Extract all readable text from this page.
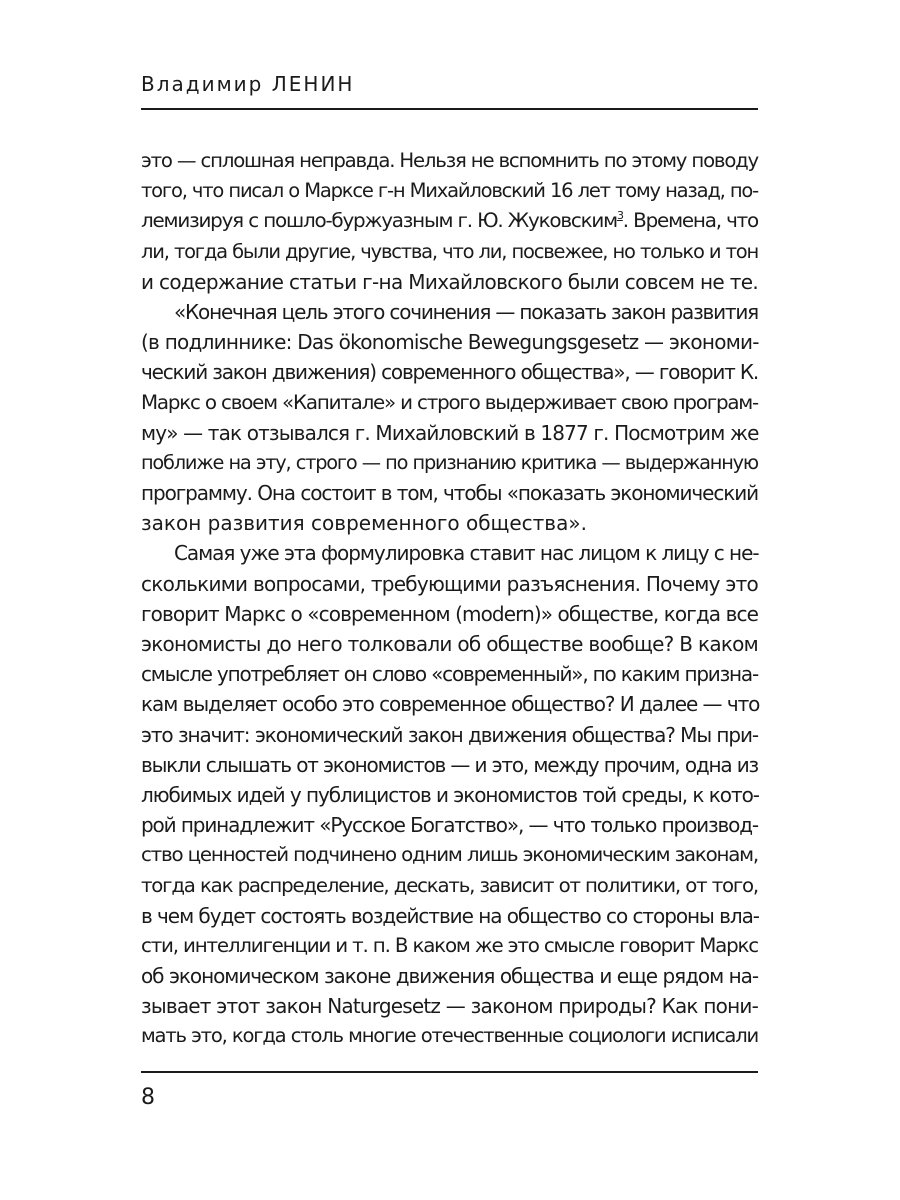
Владимир ЛЕНИН
это — сплошная неправда. Нельзя не вспомнить по этому поводу
того, что писал о Марксе г-н Михайловский 16 лет тому назад, по-
лемизируя с пошло-буржуазным г. Ю. Жуковским$^3$. Времена, что
ли, тогда были другие, чувства, что ли, посвежее, но только и тон
и содержание статьи г-на Михайловского были совсем не те.
«Конечная цель этого сочинения — показать закон развития
(в подлиннике: Das ökonomische Bewegungsgesetz — экономи-
ческий закон движения) современного общества», — говорит К.
Маркс о своем «Капитале» и строго выдерживает свою програм-
му» — так отзывался г. Михайловский в 1877 г. Посмотрим же
поближе на эту, строго — по признанию критика — выдержанную
программу. Она состоит в том, чтобы «показать экономический
закон развития современного общества».
Самая уже эта формулировка ставит нас лицом к лицу с не-
сколькими вопросами, требующими разъяснения. Почему это
говорит Маркс о «современном (modern)» обществе, когда все
экономисты до него толковали об обществе вообще? В каком
смысле употребляет он слово «современный», по каким призна-
кам выделяет особо это современное общество? И далее — что
это значит: экономический закон движения общества? Мы при-
выкли слышать от экономистов — и это, между прочим, одна из
любимых идей у публицистов и экономистов той среды, к кото-
рой принадлежит «Русское Богатство», — что только производ-
ство ценностей подчинено одним лишь экономическим законам,
тогда как распределение, дескать, зависит от политики, от того,
в чем будет состоять воздействие на общество со стороны вла-
сти, интеллигенции и т. п. В каком же это смысле говорит Маркс
об экономическом законе движения общества и еще рядом на-
зывает этот закон Naturgesetz — законом природы? Как пони-
мать это, когда столь многие отечественные социологи исписали
8
